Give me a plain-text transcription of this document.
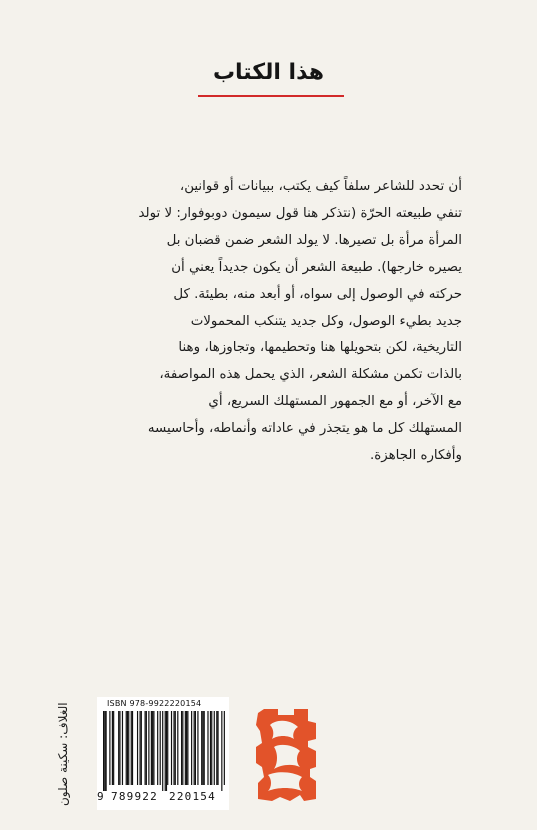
هذا الكتاب
أن تحدد للشاعر سلفاً كيف يكتب، ببيانات أو قوانين،
تنفي طبيعته الحرّة (نتذكر هنا قول سيمون دوبوفوار: لا تولد
المرأة مرأة بل تصيرها. لا يولد الشعر ضمن قضبان بل
يصيره خارجها). طبيعة الشعر أن يكون جديداً يعني أن
حركته في الوصول إلى سواه، أو أبعد منه، بطيئة. كل
جديد بطيء الوصول، وكل جديد يتنكب المحمولات
التاريخية، لكن بتحويلها هنا وتحطيمها، وتجاوزها، وهنا
بالذات تكمن مشكلة الشعر، الذي يحمل هذه المواصفة،
مع الآخر، أو مع الجمهور المستهلك السريع، أي
المستهلك كل ما هو يتجذر في عاداته وأنماطه، وأحاسيسه
وأفكاره الجاهزة.
الغلاف: سكينة صلون	ISBN 978-9922220154
9 789922 220154
